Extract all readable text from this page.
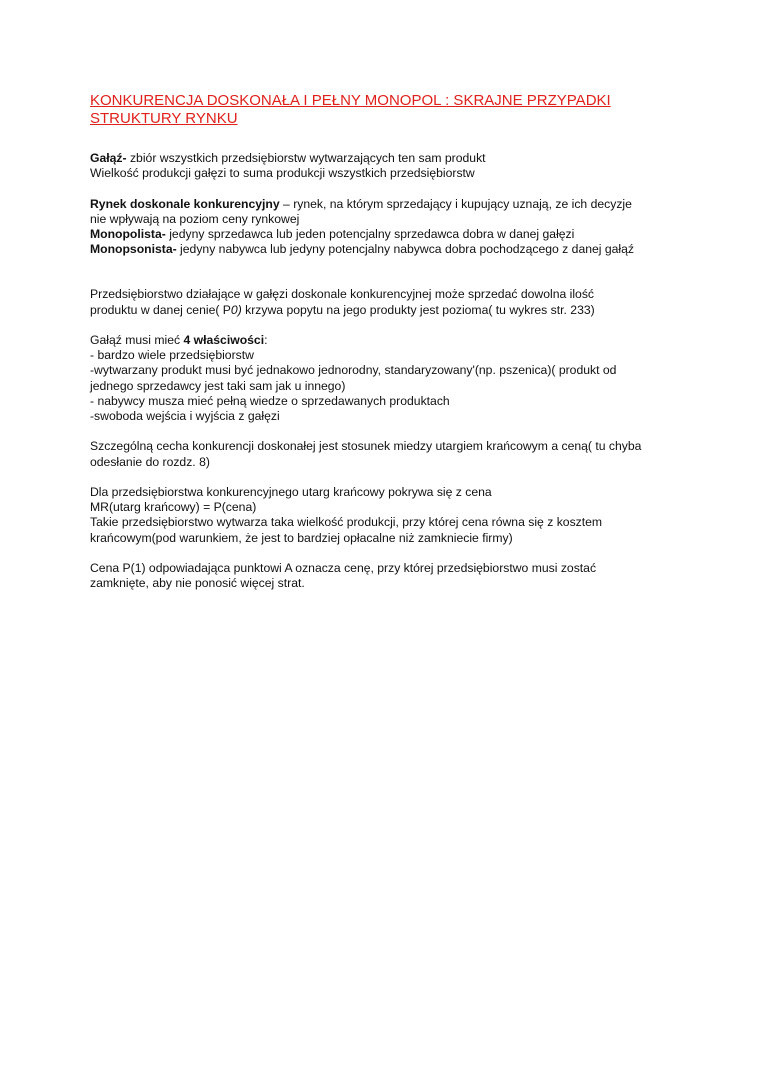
KONKURENCJA DOSKONAŁA I PEŁNY MONOPOL : SKRAJNE PRZYPADKI
STRUKTURY RYNKU
Gałąź- zbiór wszystkich przedsiębiorstw wytwarzających ten sam produkt
Wielkość produkcji gałęzi to suma produkcji wszystkich przedsiębiorstw
Rynek doskonale konkurencyjny – rynek, na którym sprzedający i kupujący uznają, ze ich decyzje
nie wpływają na poziom ceny rynkowej
Monopolista- jedyny sprzedawca lub jeden potencjalny sprzedawca dobra w danej gałęzi
Monopsonista- jedyny nabywca lub jedyny potencjalny nabywca dobra pochodzącego z danej gałąź
Przedsiębiorstwo działające w gałęzi doskonale konkurencyjnej może sprzedać dowolna ilość
produktu w danej cenie( P0) krzywa popytu na jego produkty jest pozioma( tu wykres str. 233)
Gałąź musi mieć 4 właściwości:
- bardzo wiele przedsiębiorstw
-wytwarzany produkt musi być jednakowo jednorodny, standaryzowany'(np. pszenica)( produkt od
jednego sprzedawcy jest taki sam jak u innego)
- nabywcy musza mieć pełną wiedze o sprzedawanych produktach
-swoboda wejścia i wyjścia z gałęzi
Szczególną cecha konkurencji doskonałej jest stosunek miedzy utargiem krańcowym a ceną( tu chyba
odesłanie do rozdz. 8)
Dla przedsiębiorstwa konkurencyjnego utarg krańcowy pokrywa się z cena
MR(utarg krańcowy) = P(cena)
Takie przedsiębiorstwo wytwarza taka wielkość produkcji, przy której cena równa się z kosztem
krańcowym(pod warunkiem, że jest to bardziej opłacalne niż zamkniecie firmy)
Cena P(1) odpowiadająca punktowi A oznacza cenę, przy której przedsiębiorstwo musi zostać
zamknięte, aby nie ponosić więcej strat.
